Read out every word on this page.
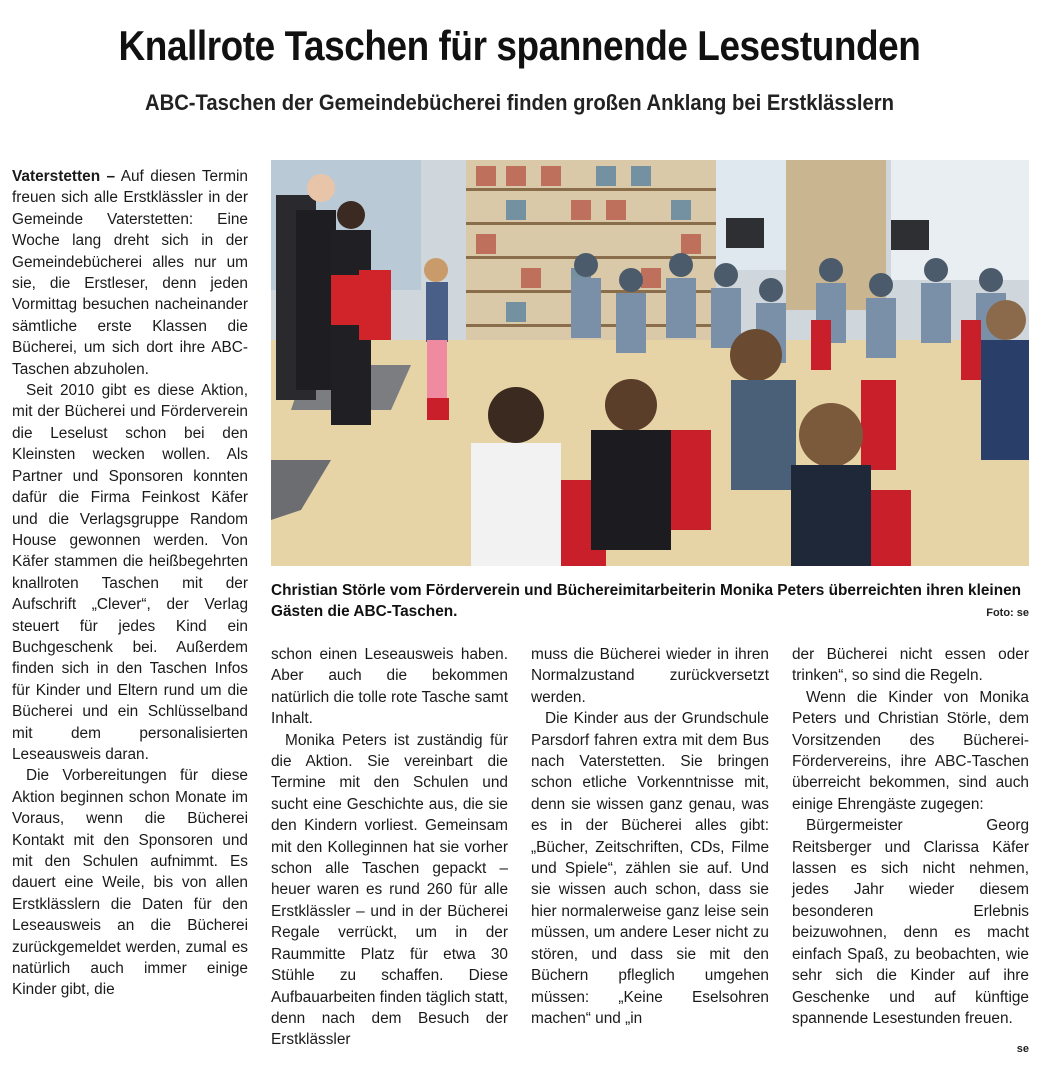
Knallrote Taschen für spannende Lesestunden
ABC-Taschen der Gemeindebücherei finden großen Anklang bei Erstklässlern

Vaterstetten – Auf diesen Termin freuen sich alle Erstklässler in der Gemeinde Vaterstetten: Eine Woche lang dreht sich in der Gemeindebücherei alles nur um sie, die Erstleser, denn jeden Vormittag besuchen nacheinander sämtliche erste Klassen die Bücherei, um sich dort ihre ABC-Taschen abzuholen.

Seit 2010 gibt es diese Aktion, mit der Bücherei und Förderverein die Leselust schon bei den Kleinsten wecken wollen. Als Partner und Sponsoren konnten dafür die Firma Feinkost Käfer und die Verlagsgruppe Random House gewonnen werden. Von Käfer stammen die heißbegehrten knallroten Taschen mit der Aufschrift „Clever“, der Verlag steuert für jedes Kind ein Buchgeschenk bei. Außerdem finden sich in den Taschen Infos für Kinder und Eltern rund um die Bücherei und ein Schlüsselband mit dem personalisierten Leseausweis daran.

Die Vorbereitungen für diese Aktion beginnen schon Monate im Voraus, wenn die Bücherei Kontakt mit den Sponsoren und mit den Schulen aufnimmt. Es dauert eine Weile, bis von allen Erstklässlern die Daten für den Leseausweis an die Bücherei zurückgemeldet werden, zumal es natürlich auch immer einige Kinder gibt, die

Christian Störle vom Förderverein und Büchereimitarbeiterin Monika Peters überreichten ihren kleinen Gästen die ABC-Taschen.	Foto: se

schon einen Leseausweis haben. Aber auch die bekommen natürlich die tolle rote Tasche samt Inhalt.

Monika Peters ist zuständig für die Aktion. Sie vereinbart die Termine mit den Schulen und sucht eine Geschichte aus, die sie den Kindern vorliest. Gemeinsam mit den Kolleginnen hat sie vorher schon alle Taschen gepackt – heuer waren es rund 260 für alle Erstklässler – und in der Bücherei Regale verrückt, um in der Raummitte Platz für etwa 30 Stühle zu schaffen. Diese Aufbauarbeiten finden täglich statt, denn nach dem Besuch der Erstklässler

muss die Bücherei wieder in ihren Normalzustand zurückversetzt werden.

Die Kinder aus der Grundschule Parsdorf fahren extra mit dem Bus nach Vaterstetten. Sie bringen schon etliche Vorkenntnisse mit, denn sie wissen ganz genau, was es in der Bücherei alles gibt: „Bücher, Zeitschriften, CDs, Filme und Spiele“, zählen sie auf. Und sie wissen auch schon, dass sie hier normalerweise ganz leise sein müssen, um andere Leser nicht zu stören, und dass sie mit den Büchern pfleglich umgehen müssen: „Keine Eselsohren machen“ und „in

der Bücherei nicht essen oder trinken“, so sind die Regeln.

Wenn die Kinder von Monika Peters und Christian Störle, dem Vorsitzenden des Bücherei-Fördervereins, ihre ABC-Taschen überreicht bekommen, sind auch einige Ehrengäste zugegen:

Bürgermeister Georg Reitsberger und Clarissa Käfer lassen es sich nicht nehmen, jedes Jahr wieder diesem besonderen Erlebnis beizuwohnen, denn es macht einfach Spaß, zu beobachten, wie sehr sich die Kinder auf ihre Geschenke und auf künftige spannende Lesestunden freuen.

se
